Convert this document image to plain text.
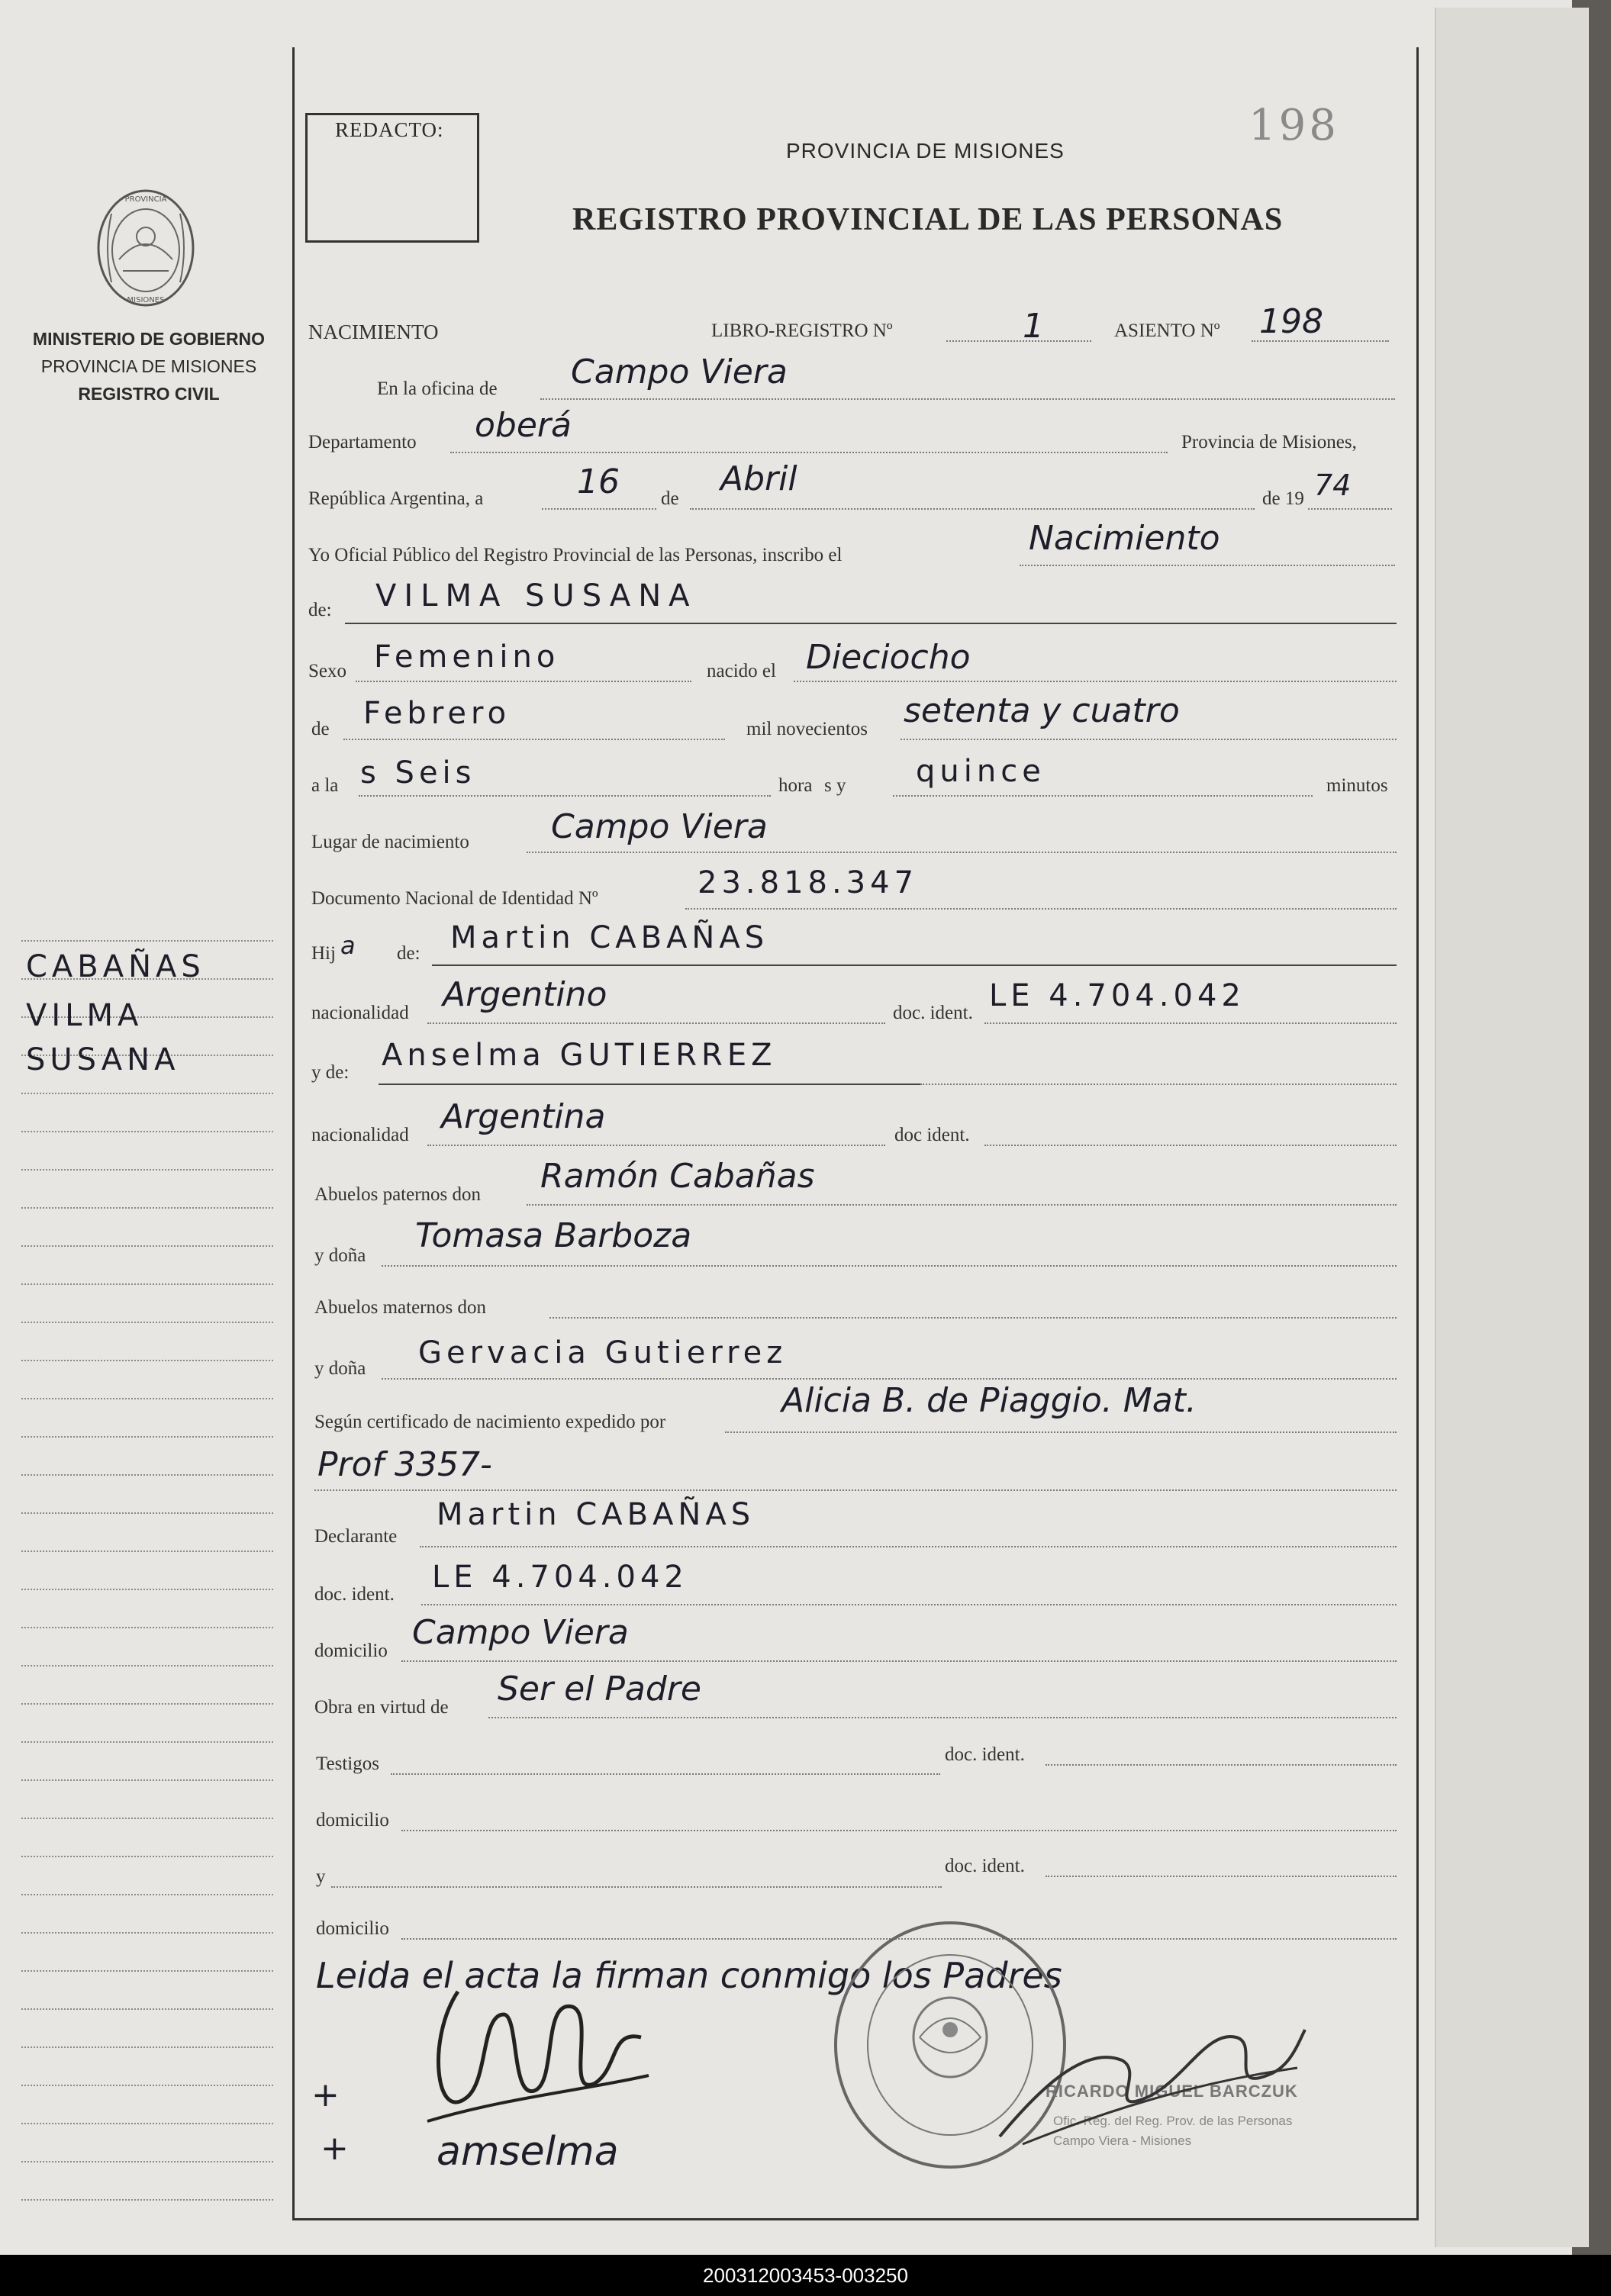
PROVINCIA
MISIONES
MINISTERIO DE GOBIERNO
PROVINCIA DE MISIONES
REGISTRO CIVIL
CABAÑAS
VILMA
SUSANA
REDACTO:	198
PROVINCIA DE MISIONES
REGISTRO PROVINCIAL DE LAS PERSONAS
NACIMIENTO	LIBRO-REGISTRO Nº	1	ASIENTO Nº 198
En la oficina de Campo Viera
Departamento oberá	Provincia de Misiones,
República Argentina, a	16 de
Abril
de 19 74
Yo Oficial Público del Registro Provincial de las Personas, inscribo el	Nacimiento
de: VILMA SUSANA
Sexo Femenino	nacido el Dieciocho
de Febrero	mil novecientos setenta y cuatro
a la s Seis	hora s y quince	minutos
Lugar de nacimiento Campo Viera
Documento Nacional de Identidad Nº	23.818.347
Hij a de: Martin CABAÑAS
nacionalidad Argentino	doc. ident. LE 4.704.042
y de: Anselma GUTIERREZ
nacionalidad Argentina	doc ident.
Abuelos paternos don Ramón Cabañas
y doña
Tomasa Barboza
Abuelos maternos don
y doña Gervacia Gutierrez
Según certificado de nacimiento expedido por
Alicia B. de Piaggio. Mat.
Prof 3357-
Declarante
Martin CABAÑAS
doc. ident. LE 4.704.042
domicilio Campo Viera
Obra en virtud de Ser el Padre
Testigos	doc. ident.
domicilio
y
doc. ident.
domicilio
Leida el acta la firman conmigo los Padres
RICARDO MIGUEL BARCZUK
Ofic. Reg. del Reg. Prov. de las Personas
Campo Viera - Misiones
+
+ amselma
200312003453-003250
